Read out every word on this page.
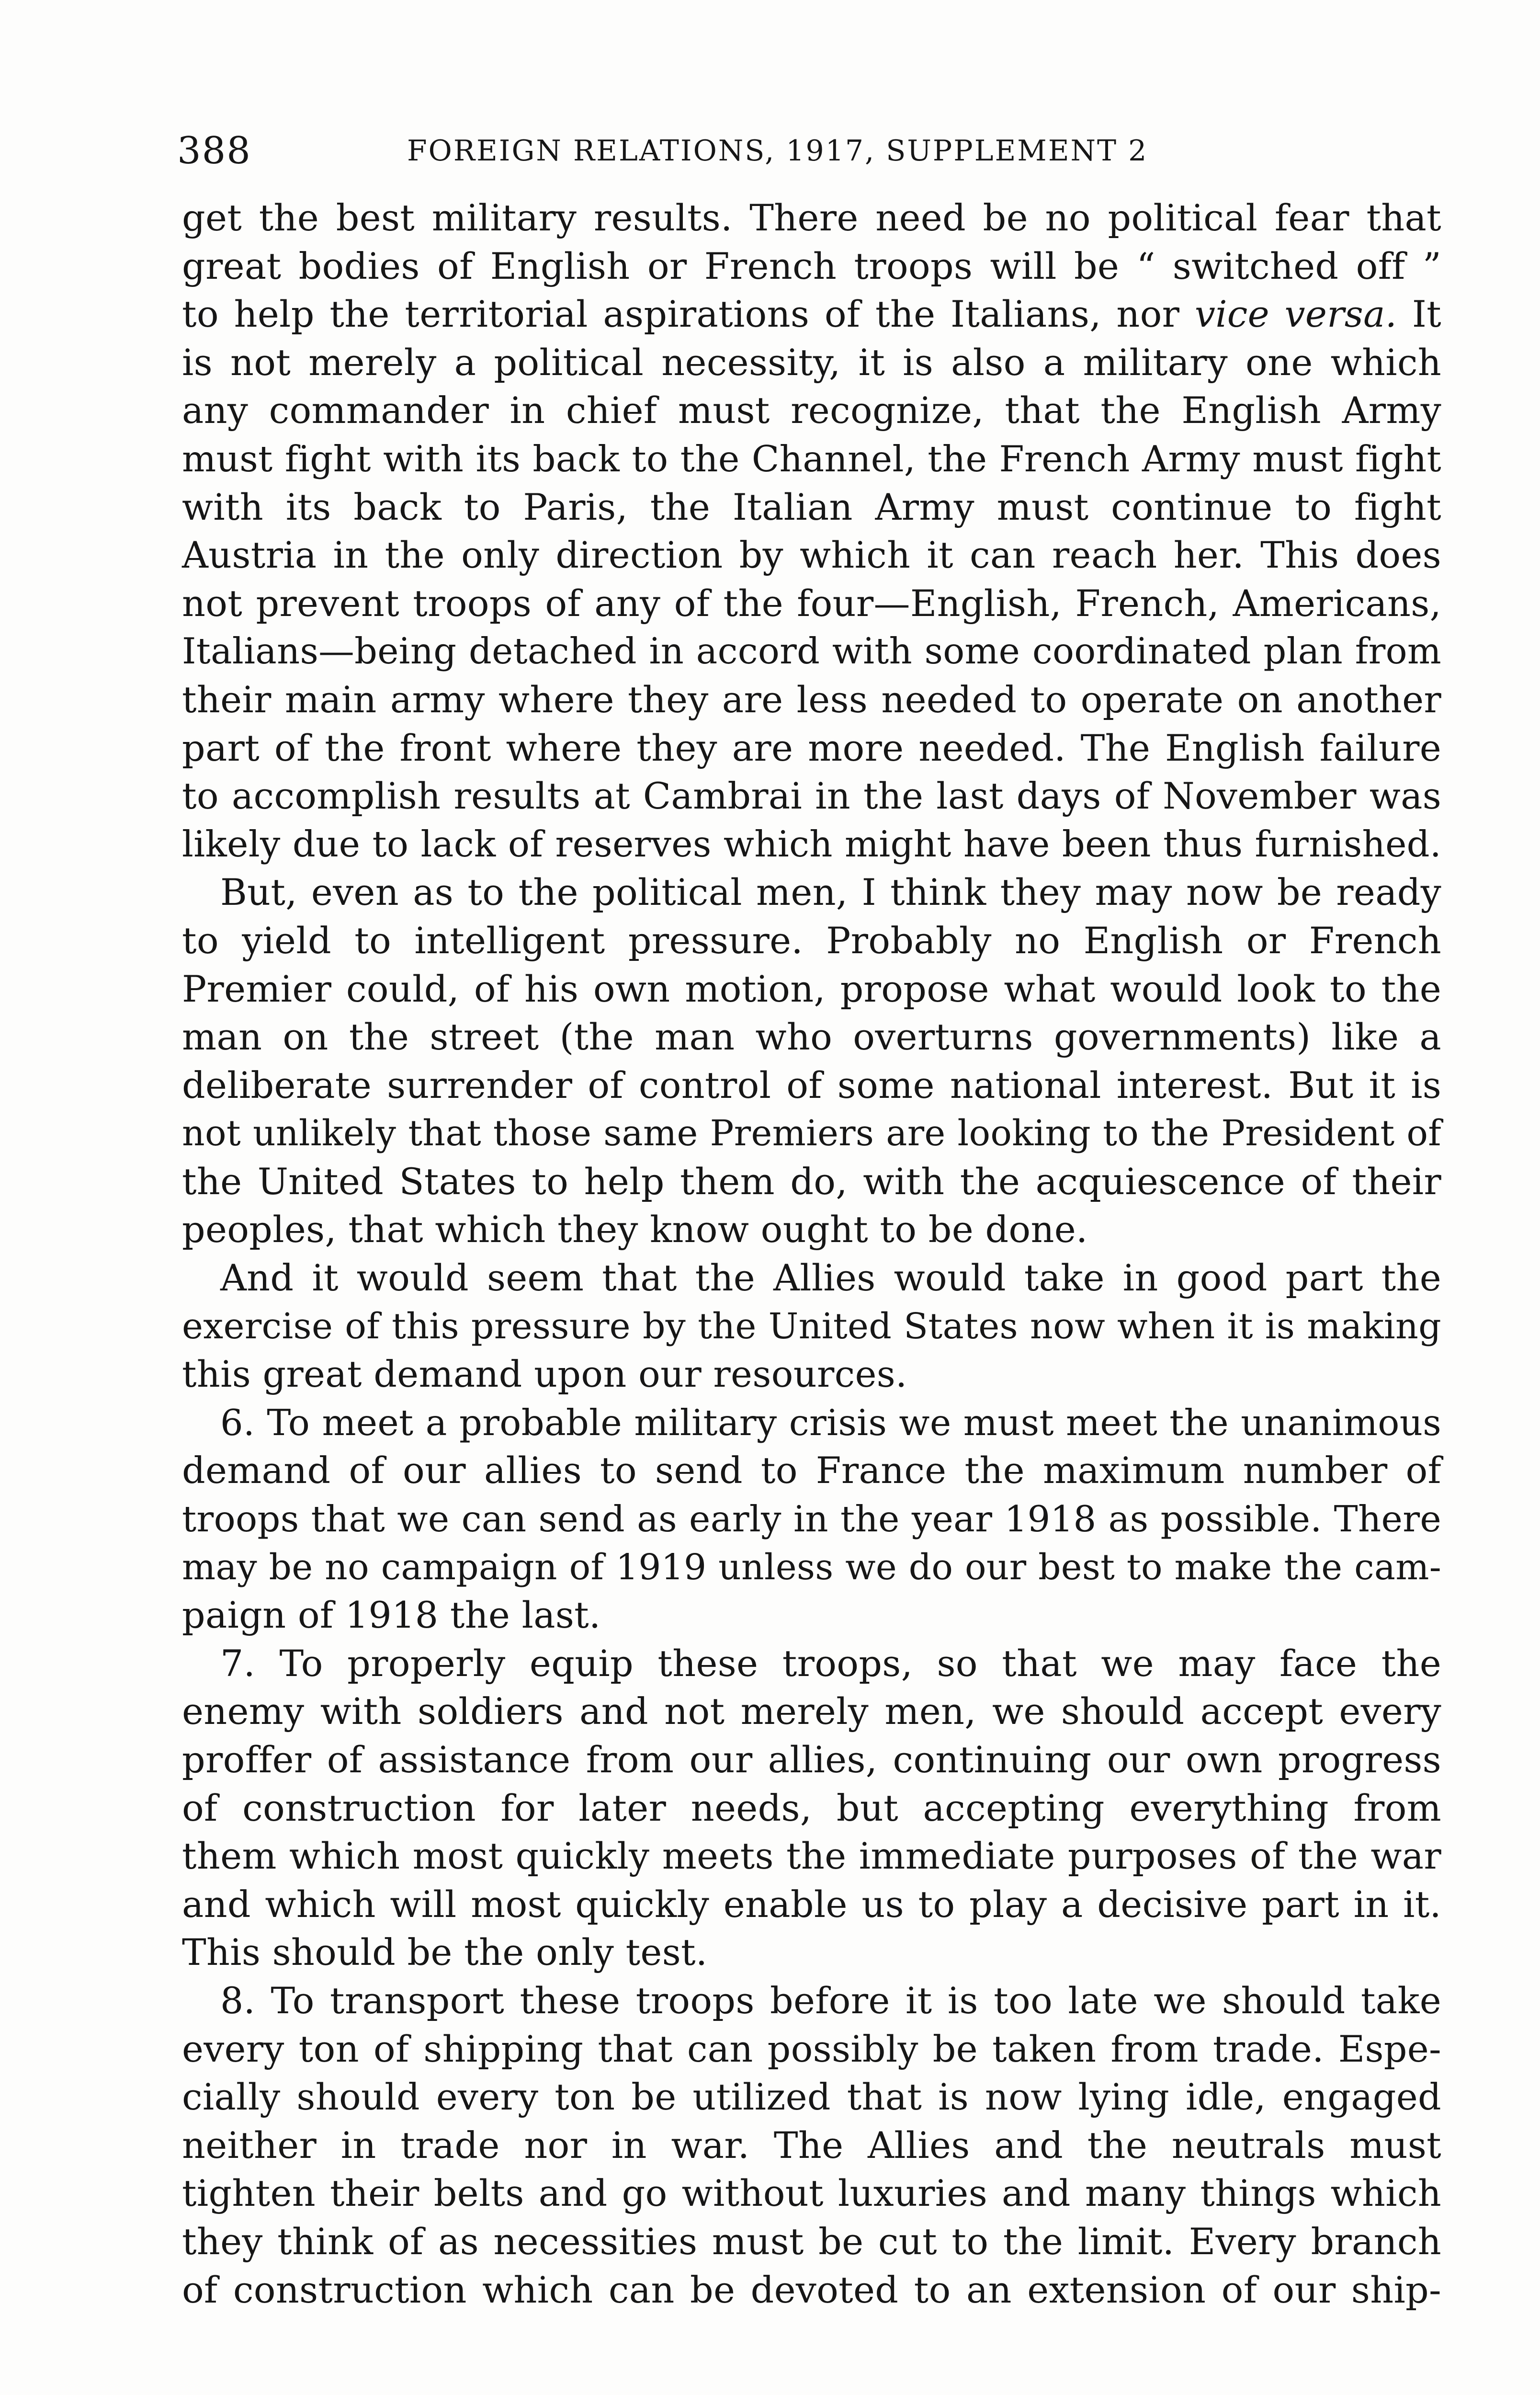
388	FOREIGN RELATIONS, 1917, SUPPLEMENT 2
get the best military results. There need be no political fear that
great bodies of English or French troops will be “ switched off ”
to help the territorial aspirations of the Italians, nor vice versa. It
is not merely a political necessity, it is also a military one which
any commander in chief must recognize, that the English Army
must fight with its back to the Channel, the French Army must fight
with its back to Paris, the Italian Army must continue to fight
Austria in the only direction by which it can reach her. This does
not prevent troops of any of the four—English, French, Americans,
Italians—being detached in accord with some coordinated plan from
their main army where they are less needed to operate on another
part of the front where they are more needed. The English failure
to accomplish results at Cambrai in the last days of November was
likely due to lack of reserves which might have been thus furnished.
But, even as to the political men, I think they may now be ready
to yield to intelligent pressure. Probably no English or French
Premier could, of his own motion, propose what would look to the
man on the street (the man who overturns governments) like a
deliberate surrender of control of some national interest. But it is
not unlikely that those same Premiers are looking to the President of
the United States to help them do, with the acquiescence of their
peoples, that which they know ought to be done.
And it would seem that the Allies would take in good part the
exercise of this pressure by the United States now when it is making
this great demand upon our resources.
6. To meet a probable military crisis we must meet the unanimous
demand of our allies to send to France the maximum number of
troops that we can send as early in the year 1918 as possible. There
may be no campaign of 1919 unless we do our best to make the cam-
paign of 1918 the last.
7. To properly equip these troops, so that we may face the
enemy with soldiers and not merely men, we should accept every
proffer of assistance from our allies, continuing our own progress
of construction for later needs, but accepting everything from
them which most quickly meets the immediate purposes of the war
and which will most quickly enable us to play a decisive part in it.
This should be the only test.
8. To transport these troops before it is too late we should take
every ton of shipping that can possibly be taken from trade. Espe-
cially should every ton be utilized that is now lying idle, engaged
neither in trade nor in war. The Allies and the neutrals must
tighten their belts and go without luxuries and many things which
they think of as necessities must be cut to the limit. Every branch
of construction which can be devoted to an extension of our ship-
